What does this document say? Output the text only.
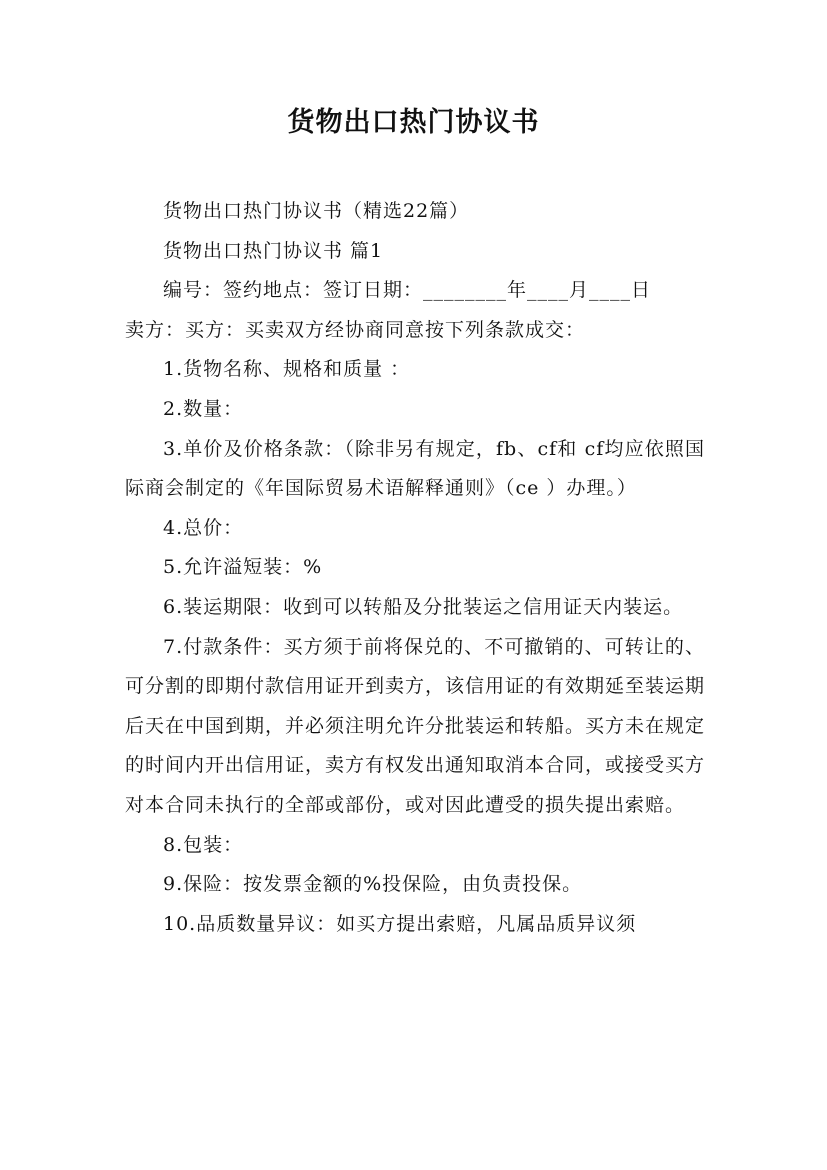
货物出口热门协议书

货物出口热门协议书（精选22篇）

货物出口热门协议书 篇1

编号：签约地点：签订日期：________年____月____日

卖方：买方：买卖双方经协商同意按下列条款成交：

1.货物名称、规格和质量 ：

2.数量：

3.单价及价格条款：（除非另有规定，fb、cf和 cf均应依照国际商会制定的《年国际贸易术语解释通则》（ce ）办理。）

4.总价：

5.允许溢短装：%

6.装运期限：收到可以转船及分批装运之信用证天内装运。

7.付款条件：买方须于前将保兑的、不可撤销的、可转让的、可分割的即期付款信用证开到卖方，该信用证的有效期延至装运期后天在中国到期，并必须注明允许分批装运和转船。买方未在规定的时间内开出信用证，卖方有权发出通知取消本合同，或接受买方对本合同未执行的全部或部份，或对因此遭受的损失提出索赔。

8.包装：

9.保险：按发票金额的%投保险，由负责投保。

10.品质数量异议：如买方提出索赔，凡属品质异议须
